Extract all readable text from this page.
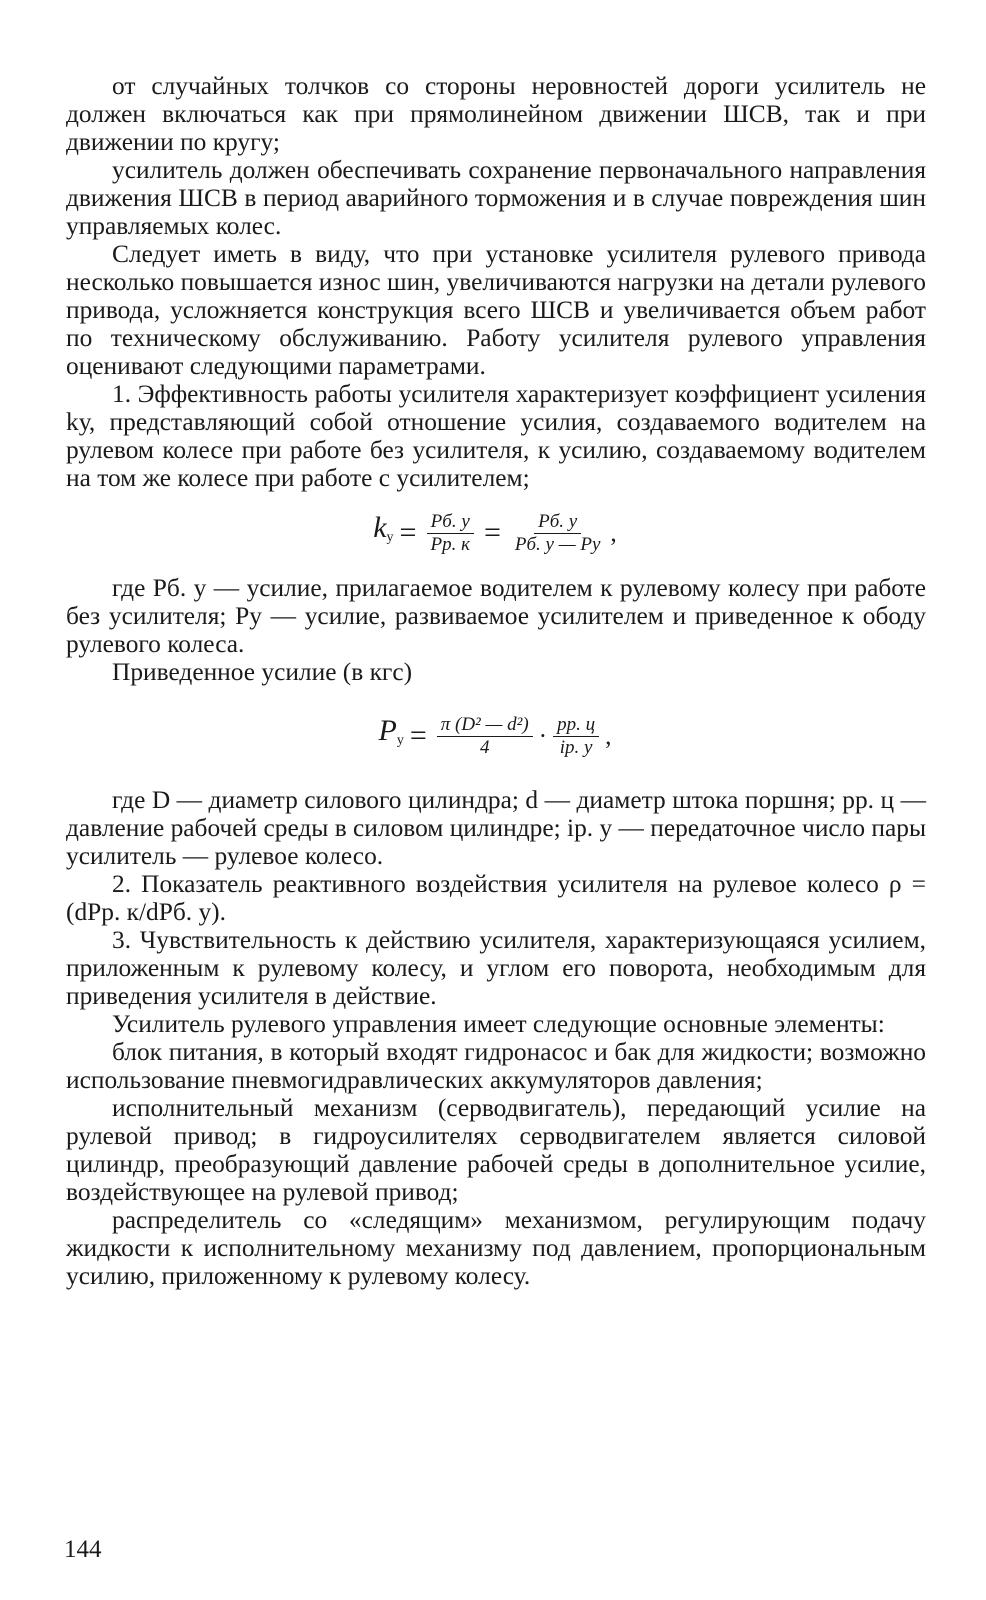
от случайных толчков со стороны неровностей дороги усилитель не должен включаться как при прямолинейном движении ШСВ, так и при движении по кругу;

усилитель должен обеспечивать сохранение первоначального направления движения ШСВ в период аварийного торможения и в случае повреждения шин управляемых колес.

Следует иметь в виду, что при установке усилителя рулевого привода несколько повышается износ шин, увеличиваются нагрузки на детали рулевого привода, усложняется конструкция всего ШСВ и увеличивается объем работ по техническому обслуживанию. Работу усилителя рулевого управления оценивают следующими параметрами.

1. Эффективность работы усилителя характеризует коэффициент усиления kу, представляющий собой отношение усилия, создаваемого водителем на рулевом колесе при работе без усилителя, к усилию, создаваемому водителем на том же колесе при работе с усилителем;

$k_у = \frac{Pб. у}{Pр. к} = \frac{Pб. у}{Pб. у — Pу}$ ,

где Pб. у — усилие, прилагаемое водителем к рулевому колесу при работе без усилителя; Pу — усилие, развиваемое усилителем и приведенное к ободу рулевого колеса.

Приведенное усилие (в кгс)

$P_у = \frac{\text{π (D² — d²)}}{4} \cdot \frac{pр. ц}{iр. у}$ ,

где D — диаметр силового цилиндра; d — диаметр штока поршня; pр. ц — давление рабочей среды в силовом цилиндре; iр. у — передаточное число пары усилитель — рулевое колесо.

2. Показатель реактивного воздействия усилителя на рулевое колесо ρ = (dPр. к/dPб. у).

3. Чувствительность к действию усилителя, характеризующаяся усилием, приложенным к рулевому колесу, и углом его поворота, необходимым для приведения усилителя в действие.

Усилитель рулевого управления имеет следующие основные элементы:

блок питания, в который входят гидронасос и бак для жидкости; возможно использование пневмогидравлических аккумуляторов давления;

исполнительный механизм (серводвигатель), передающий усилие на рулевой привод; в гидроусилителях серводвигателем является силовой цилиндр, преобразующий давление рабочей среды в дополнительное усилие, воздействующее на рулевой привод;

распределитель со «следящим» механизмом, регулирующим подачу жидкости к исполнительному механизму под давлением, пропорциональным усилию, приложенному к рулевому колесу.

144
